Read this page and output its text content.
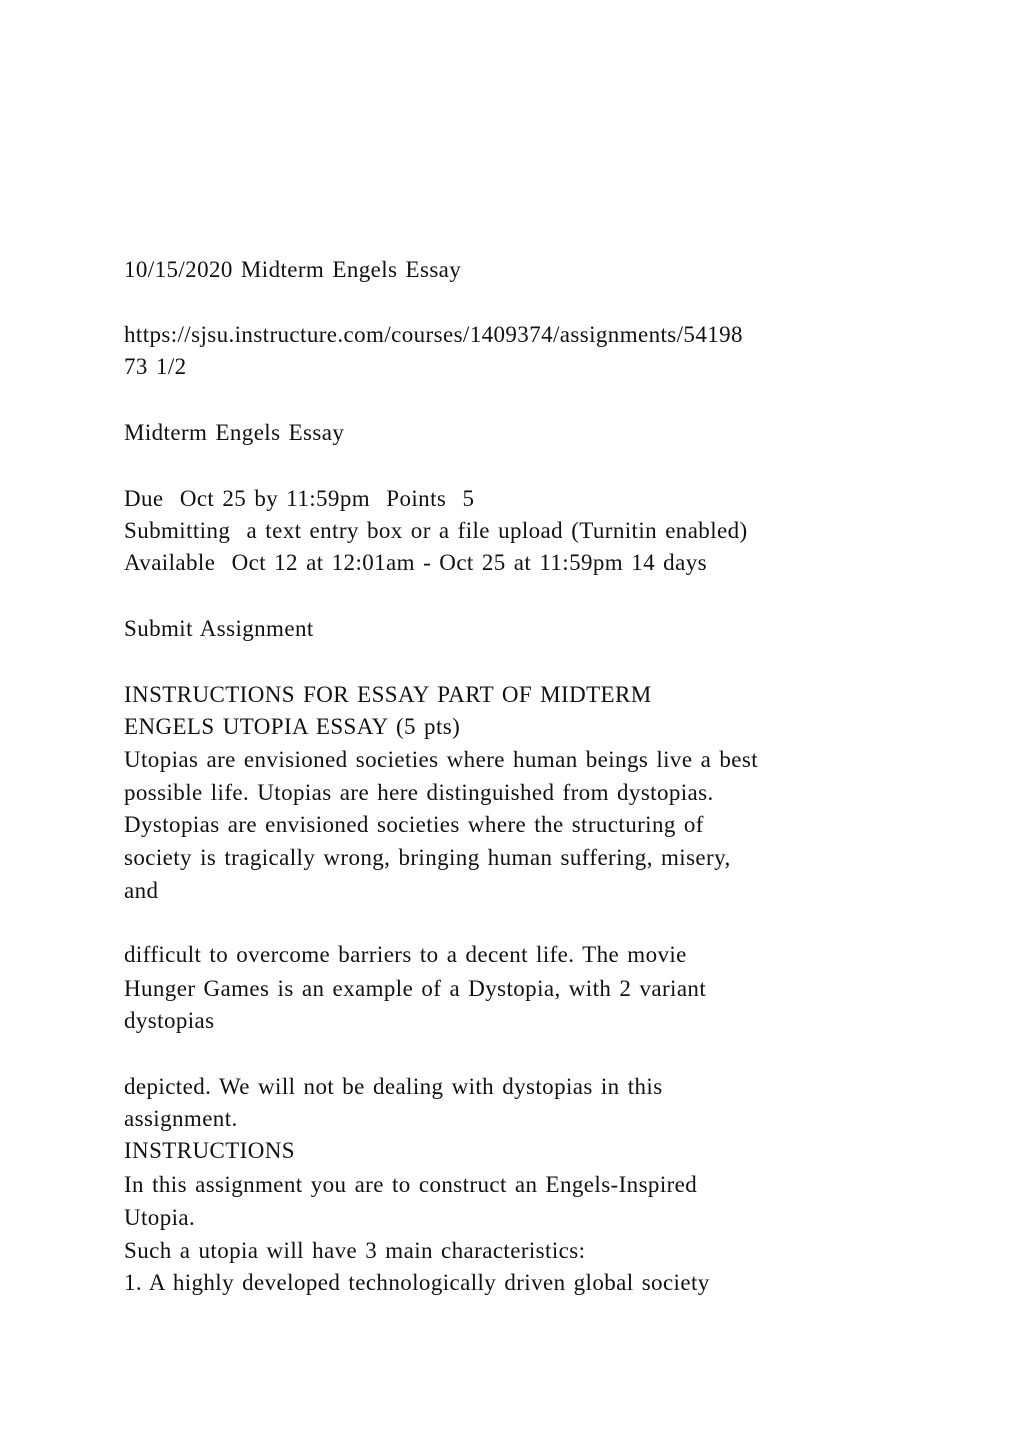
10/15/2020 Midterm Engels Essay
https://sjsu.instructure.com/courses/1409374/assignments/54198
73 1/2
Midterm Engels Essay
Due  Oct 25 by 11:59pm  Points  5
Submitting  a text entry box or a file upload (Turnitin enabled)
Available  Oct 12 at 12:01am - Oct 25 at 11:59pm 14 days
Submit Assignment
INSTRUCTIONS FOR ESSAY PART OF MIDTERM
ENGELS UTOPIA ESSAY (5 pts)
Utopias are envisioned societies where human beings live a best
possible life. Utopias are here distinguished from dystopias.
Dystopias are envisioned societies where the structuring of
society is tragically wrong, bringing human suffering, misery,
and
difficult to overcome barriers to a decent life. The movie
Hunger Games is an example of a Dystopia, with 2 variant
dystopias
depicted. We will not be dealing with dystopias in this
assignment.
INSTRUCTIONS
In this assignment you are to construct an Engels-Inspired
Utopia.
Such a utopia will have 3 main characteristics:
1. A highly developed technologically driven global society
